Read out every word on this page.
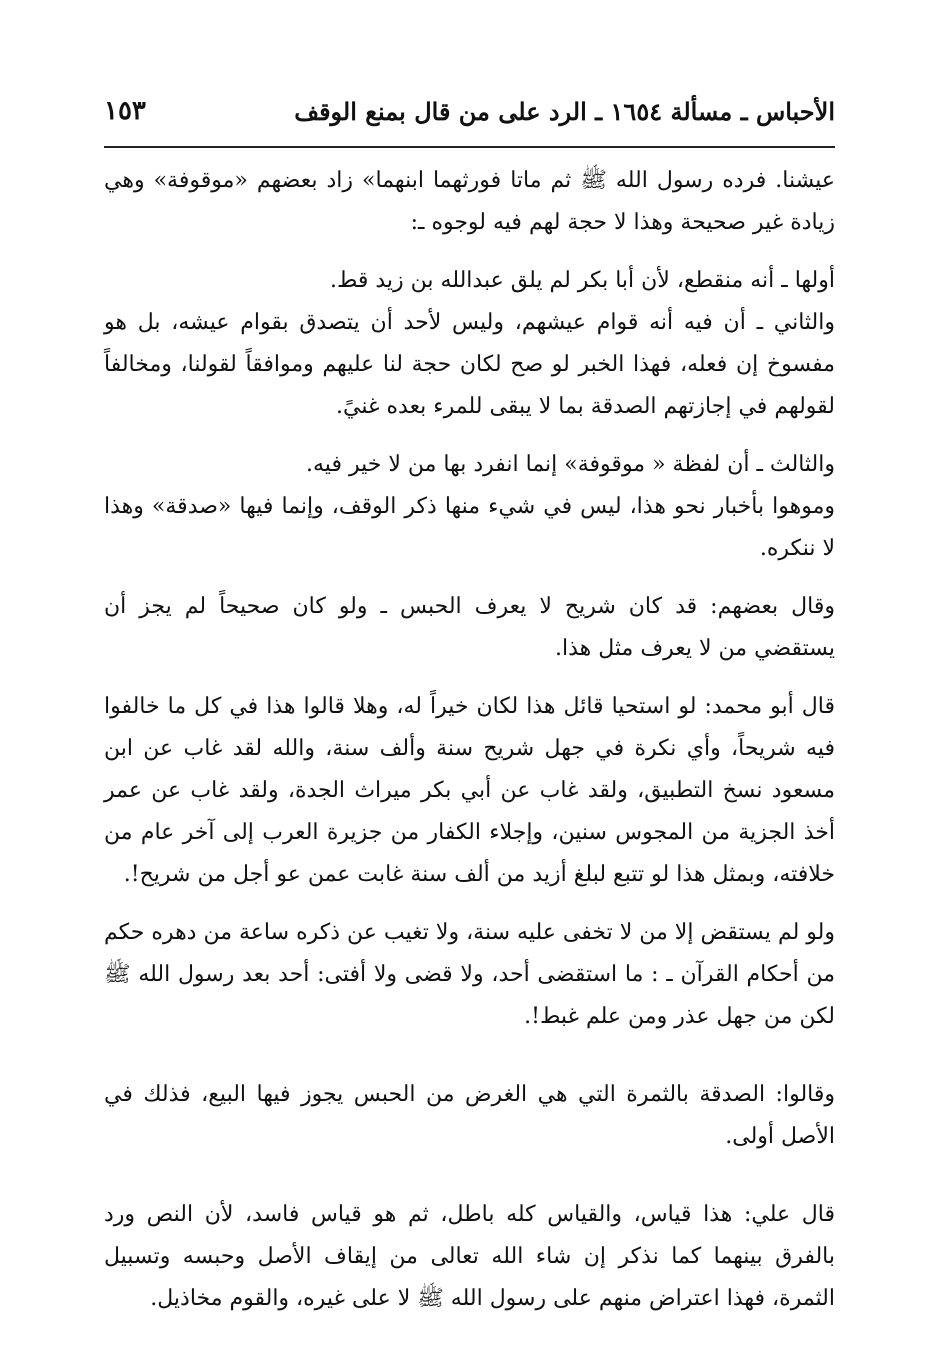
الأحباس ـ مسألة ١٦٥٤ ـ الرد على من قال بمنع الوقف
١٥٣

عيشنا. فرده رسول الله ﷺ ثم ماتا فورثهما ابنهما» زاد بعضهم «موقوفة» وهي زيادة غير صحيحة وهذا لا حجة لهم فيه لوجوه ـ:

أولها ـ أنه منقطع، لأن أبا بكر لم يلق عبدالله بن زيد قط.

والثاني ـ أن فيه أنه قوام عيشهم، وليس لأحد أن يتصدق بقوام عيشه، بل هو مفسوخ إن فعله، فهذا الخبر لو صح لكان حجة لنا عليهم وموافقاً لقولنا، ومخالفاً لقولهم في إجازتهم الصدقة بما لا يبقى للمرء بعده غنيً.

والثالث ـ أن لفظة « موقوفة» إنما انفرد بها من لا خير فيه.

وموهوا بأخبار نحو هذا، ليس في شيء منها ذكر الوقف، وإنما فيها «صدقة» وهذا لا ننكره.

وقال بعضهم: قد كان شريح لا يعرف الحبس ـ ولو كان صحيحاً لم يجز أن يستقضي من لا يعرف مثل هذا.

قال أبو محمد: لو استحيا قائل هذا لكان خيراً له، وهلا قالوا هذا في كل ما خالفوا فيه شريحاً، وأي نكرة في جهل شريح سنة وألف سنة، والله لقد غاب عن ابن مسعود نسخ التطبيق، ولقد غاب عن أبي بكر ميراث الجدة، ولقد غاب عن عمر أخذ الجزية من المجوس سنين، وإجلاء الكفار من جزيرة العرب إلى آخر عام من خلافته، وبمثل هذا لو تتبع لبلغ أزيد من ألف سنة غابت عمن عو أجل من شريح!.

ولو لم يستقض إلا من لا تخفى عليه سنة، ولا تغيب عن ذكره ساعة من دهره حكم من أحكام القرآن ـ : ما استقضى أحد، ولا قضى ولا أفتى: أحد بعد رسول الله ﷺ لكن من جهل عذر ومن علم غبط!.

وقالوا: الصدقة بالثمرة التي هي الغرض من الحبس يجوز فيها البيع، فذلك في الأصل أولى.

قال علي: هذا قياس، والقياس كله باطل، ثم هو قياس فاسد، لأن النص ورد بالفرق بينهما كما نذكر إن شاء الله تعالى من إيقاف الأصل وحبسه وتسبيل الثمرة، فهذا اعتراض منهم على رسول الله ﷺ لا على غيره، والقوم مخاذيل.
